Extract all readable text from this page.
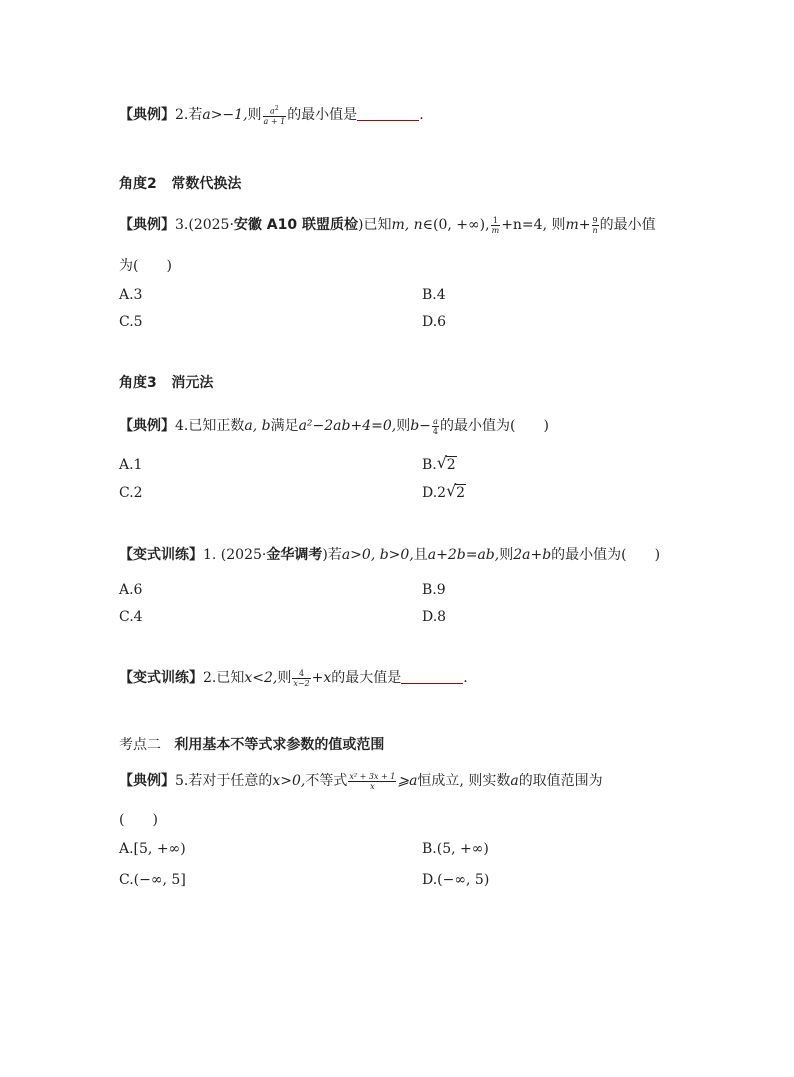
【典例】2.若a>−1,则 $\frac{a^2}{a + 1}$ 的最小值是	.
角度2 常数代换法
【典例】3.(2025·安徽 A10 联盟质检)已知m, n∈(0, +∞), $\frac{1}{m} +n=4$, 则$m+ \frac{9}{n}$ 的最小值
为(　　)
A.3	B.4
C.5	D.6
角度3 消元法
【典例】4.已知正数a, b满足a²−2ab+4=0,则$b- \frac{a}{4}$ 的最小值为(　　)
A.1	B. √ 2
C.2	D.2 √ 2
【变式训练】1. (2025·金华调考)若a>0, b>0,且a+2b=ab,则2a+b的最小值为(　　)
A.6	B.9
C.4	D.8
【变式训练】2.已知x<2,则 $\frac{4}{x-2} +x$的最大值是	.
考点二 利用基本不等式求参数的值或范围
【典例】5.若对于任意的x>0,不等式 $\frac{\text{x² + 3x + 1}}{x}$ ⩾a恒成立, 则实数a的取值范围为
(　　)
A.[5, +∞)	B.(5, +∞)
C.(−∞, 5]	D.(−∞, 5)
